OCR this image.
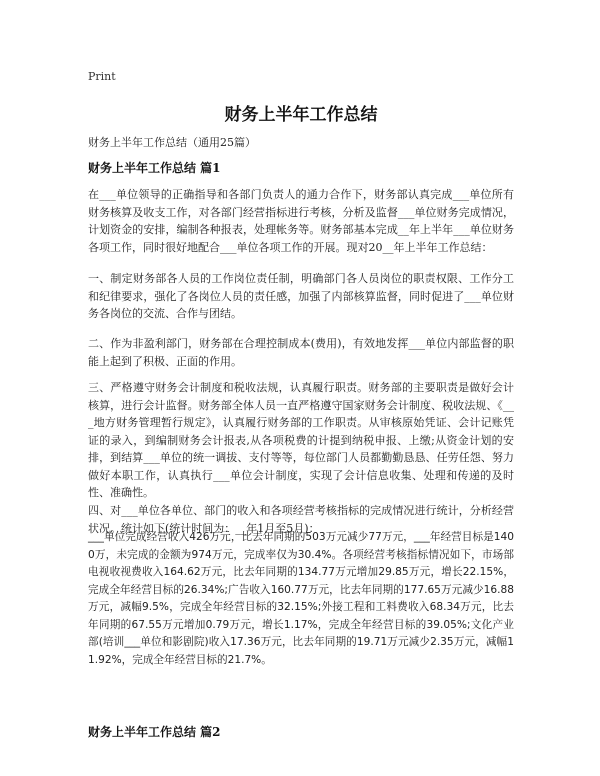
Print
财务上半年工作总结

财务上半年工作总结（通用25篇）

财务上半年工作总结 篇1

在___单位领导的正确指导和各部门负责人的通力合作下，财务部认真完成___单位所有财务核算及收支工作，对各部门经营指标进行考核，分析及监督___单位财务完成情况，计划资金的安排，编制各种报表，处理帐务等。财务部基本完成__年上半年___单位财务各项工作，同时很好地配合___单位各项工作的开展。现对20__年上半年工作总结：

一、制定财务部各人员的工作岗位责任制，明确部门各人员岗位的职责权限、工作分工和纪律要求，强化了各岗位人员的责任感，加强了内部核算监督，同时促进了___单位财务各岗位的交流、合作与团结。

二、作为非盈利部门，财务部在合理控制成本(费用)，有效地发挥___单位内部监督的职能上起到了积极、正面的作用。

三、严格遵守财务会计制度和税收法规，认真履行职责。财务部的主要职责是做好会计核算，进行会计监督。财务部全体人员一直严格遵守国家财务会计制度、税收法规、《___地方财务管理暂行规定》，认真履行财务部的工作职责。从审核原始凭证、会计记账凭证的录入，到编制财务会计报表,从各项税费的计提到纳税申报、上缴;从资金计划的安排，到结算___单位的统一调拔、支付等等，每位部门人员都勤勤恳恳、任劳任怨、努力做好本职工作，认真执行___单位会计制度，实现了会计信息收集、处理和传递的及时性、准确性。

四、对___单位各单位、部门的收入和各项经营考核指标的完成情况进行统计，分析经营状况。统计如下(统计时间为：__年1月至5月)：

___单位完成经营收入426万元，比去年同期的503万元减少77万元，___年经营目标是1400万，未完成的金额为974万元，完成率仅为30.4%。各项经营考核指标情况如下，市场部电视收视费收入164.62万元，比去年同期的134.77万元增加29.85万元，增长22.15%，完成全年经营目标的26.34%;广告收入160.77万元，比去年同期的177.65万元减少16.88万元，减幅9.5%，完成全年经营目标的32.15%;外接工程和工料费收入68.34万元，比去年同期的67.55万元增加0.79万元，增长1.17%，完成全年经营目标的39.05%;文化产业部(培训___单位和影剧院)收入17.36万元，比去年同期的19.71万元减少2.35万元，减幅11.92%，完成全年经营目标的21.7%。

财务上半年工作总结 篇2
